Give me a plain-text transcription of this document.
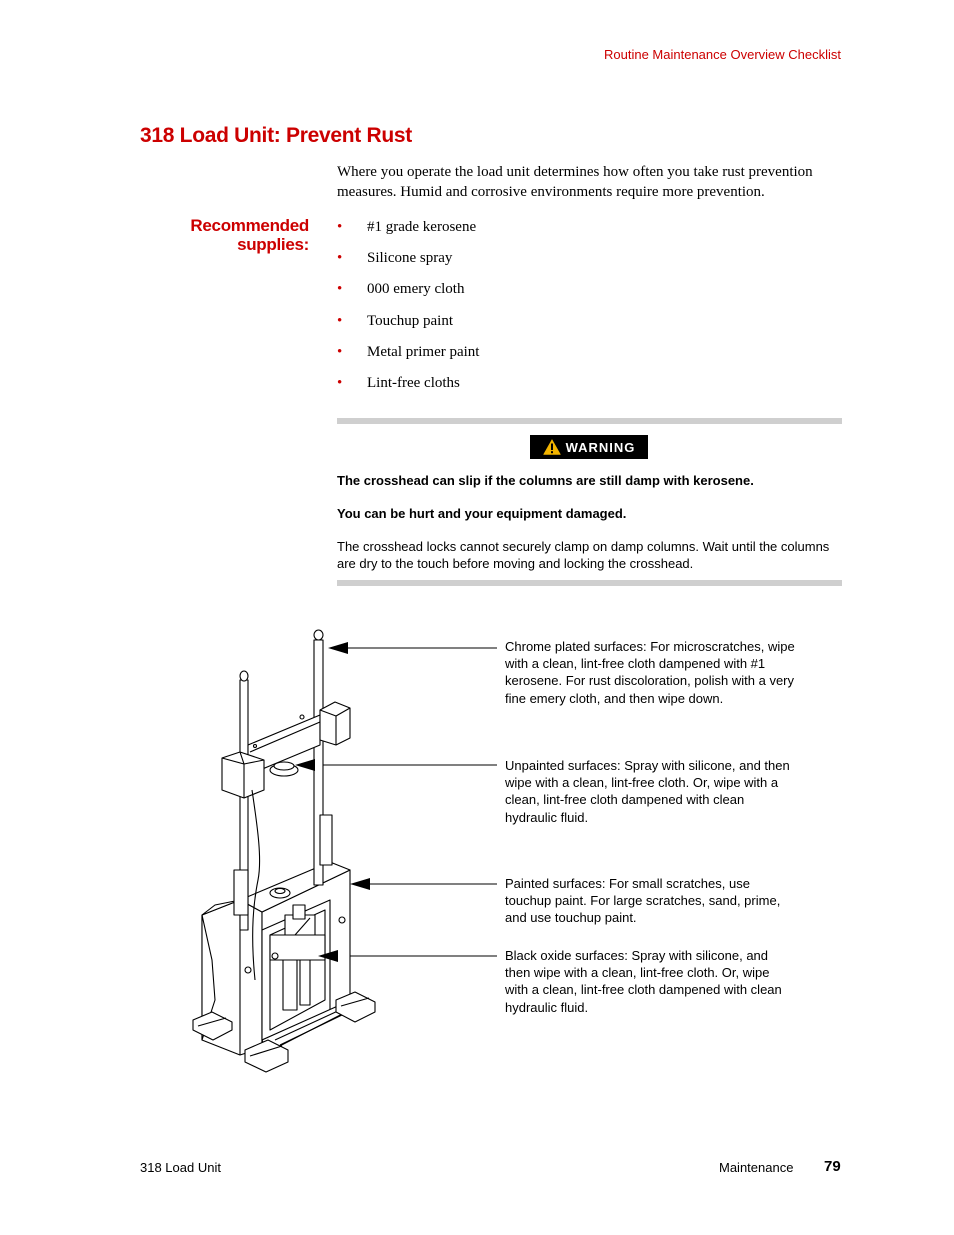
Routine Maintenance Overview Checklist
318 Load Unit: Prevent Rust
Where you operate the load unit determines how often you take rust prevention measures. Humid and corrosive environments require more prevention.
Recommended
supplies:
• #1 grade kerosene
• Silicone spray
• 000 emery cloth
• Touchup paint
• Metal primer paint
• Lint-free cloths
WARNING
The crosshead can slip if the columns are still damp with kerosene.
You can be hurt and your equipment damaged.
The crosshead locks cannot securely clamp on damp columns. Wait until the columns are dry to the touch before moving and locking the crosshead.
Chrome plated surfaces: For microscratches, wipe with a clean, lint-free cloth dampened with #1 kerosene. For rust discoloration, polish with a very fine emery cloth, and then wipe down.
Unpainted surfaces: Spray with silicone, and then wipe with a clean, lint-free cloth. Or, wipe with a clean, lint-free cloth dampened with clean hydraulic fluid.
Painted surfaces: For small scratches, use touchup paint. For large scratches, sand, prime, and use touchup paint.
Black oxide surfaces: Spray with silicone, and then wipe with a clean, lint-free cloth. Or, wipe with a clean, lint-free cloth dampened with clean hydraulic fluid.
318 Load Unit	Maintenance 79
